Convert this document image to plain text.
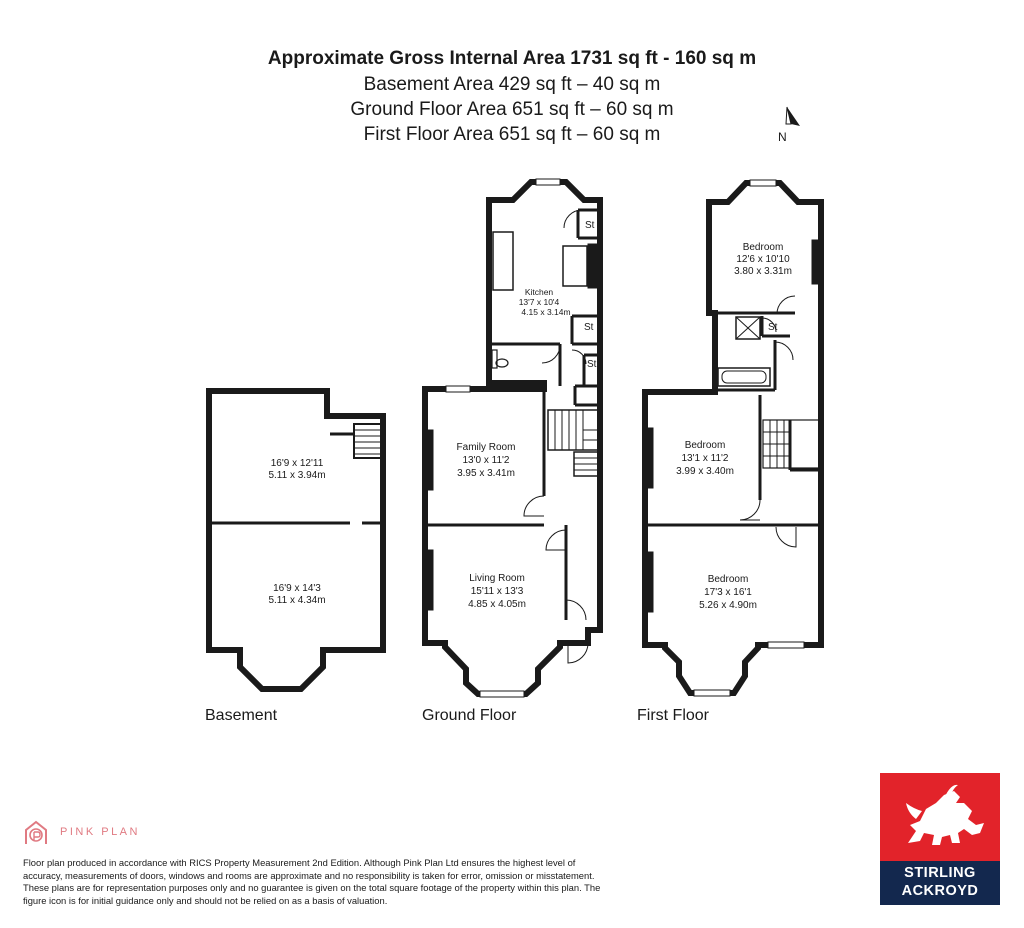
Approximate Gross Internal Area 1731 sq ft - 160 sq m
Basement Area 429 sq ft – 40 sq m
Ground Floor Area 651 sq ft – 60 sq m
First Floor Area 651 sq ft – 60 sq m	N
16'9 x 12'11
5.11 x 3.94m
16'9 x 14'3
5.11 x 4.34m
Basement
Kitchen
13'7 x 10'4
4.15 x 3.14m
St
St
St
Family Room
13'0 x 11'2
3.95 x 3.41m
Living Room
15'11 x 13'3
4.85 x 4.05m
Ground Floor
Bedroom
12'6 x 10'10
3.80 x 3.31m
St
Bedroom
13'1 x 11'2
3.99 x 3.40m
Bedroom
17'3 x 16'1
5.26 x 4.90m
First Floor
PINK PLAN
Floor plan produced in accordance with RICS Property Measurement 2nd Edition. Although Pink Plan Ltd ensures the highest level of accuracy, measurements of doors, windows and rooms are approximate and no responsibility is taken for error, omission or misstatement. These plans are for representation purposes only and no guarantee is given on the total square footage of the property within this plan. The figure icon is for initial guidance only and should not be relied on as a basis of valuation.
STIRLING
ACKROYD
